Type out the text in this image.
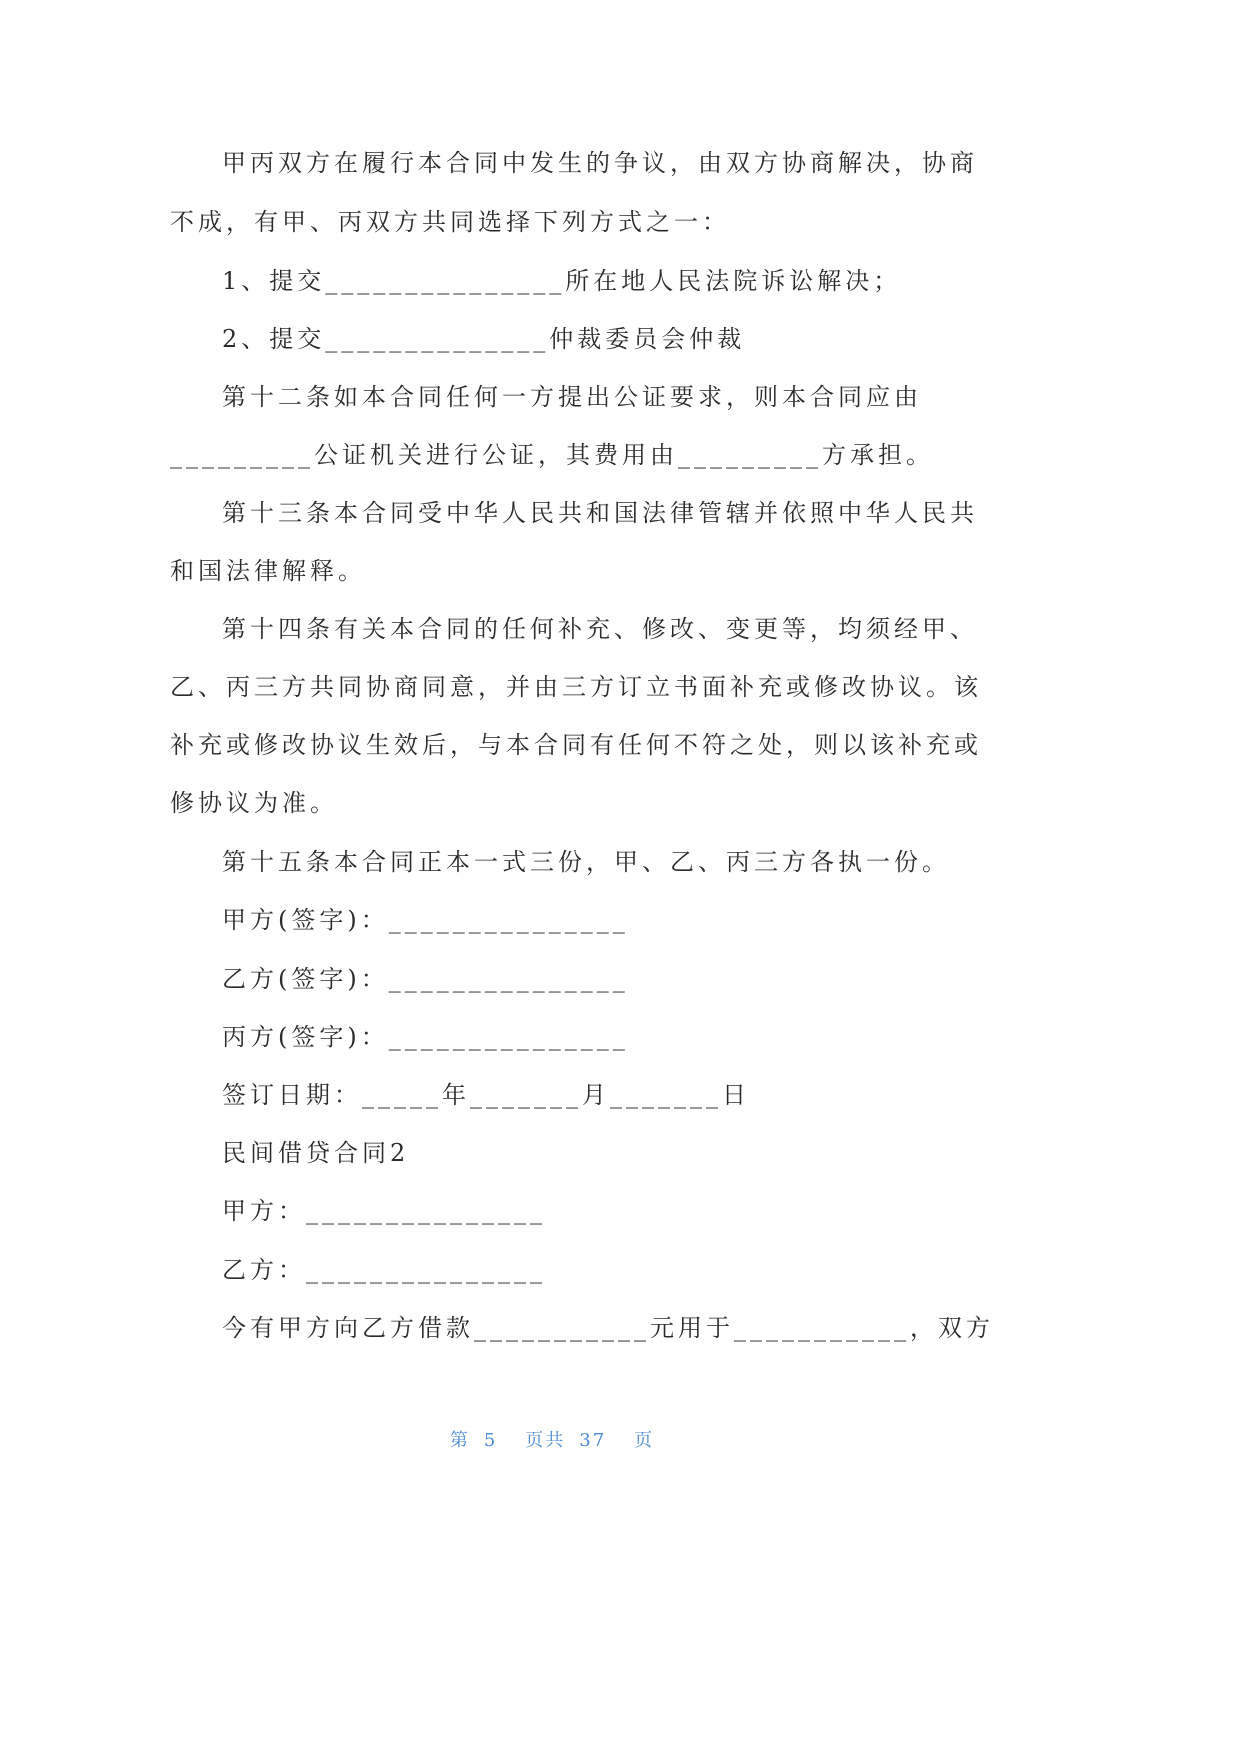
甲丙双方在履行本合同中发生的争议，由双方协商解决，协商
不成，有甲、丙双方共同选择下列方式之一：
1、提交_______________所在地人民法院诉讼解决；
2、提交______________仲裁委员会仲裁
第十二条如本合同任何一方提出公证要求，则本合同应由
_________公证机关进行公证，其费用由_________方承担。
第十三条本合同受中华人民共和国法律管辖并依照中华人民共
和国法律解释。
第十四条有关本合同的任何补充、修改、变更等，均须经甲、
乙、丙三方共同协商同意，并由三方订立书面补充或修改协议。该
补充或修改协议生效后，与本合同有任何不符之处，则以该补充或
修协议为准。
第十五条本合同正本一式三份，甲、乙、丙三方各执一份。
甲方(签字)：_______________
乙方(签字)：_______________
丙方(签字)：_______________
签订日期：_____年_______月_______日
民间借贷合同2
甲方：_______________
乙方：_______________
今有甲方向乙方借款___________元用于___________，双方
第 5 页共 37 页
